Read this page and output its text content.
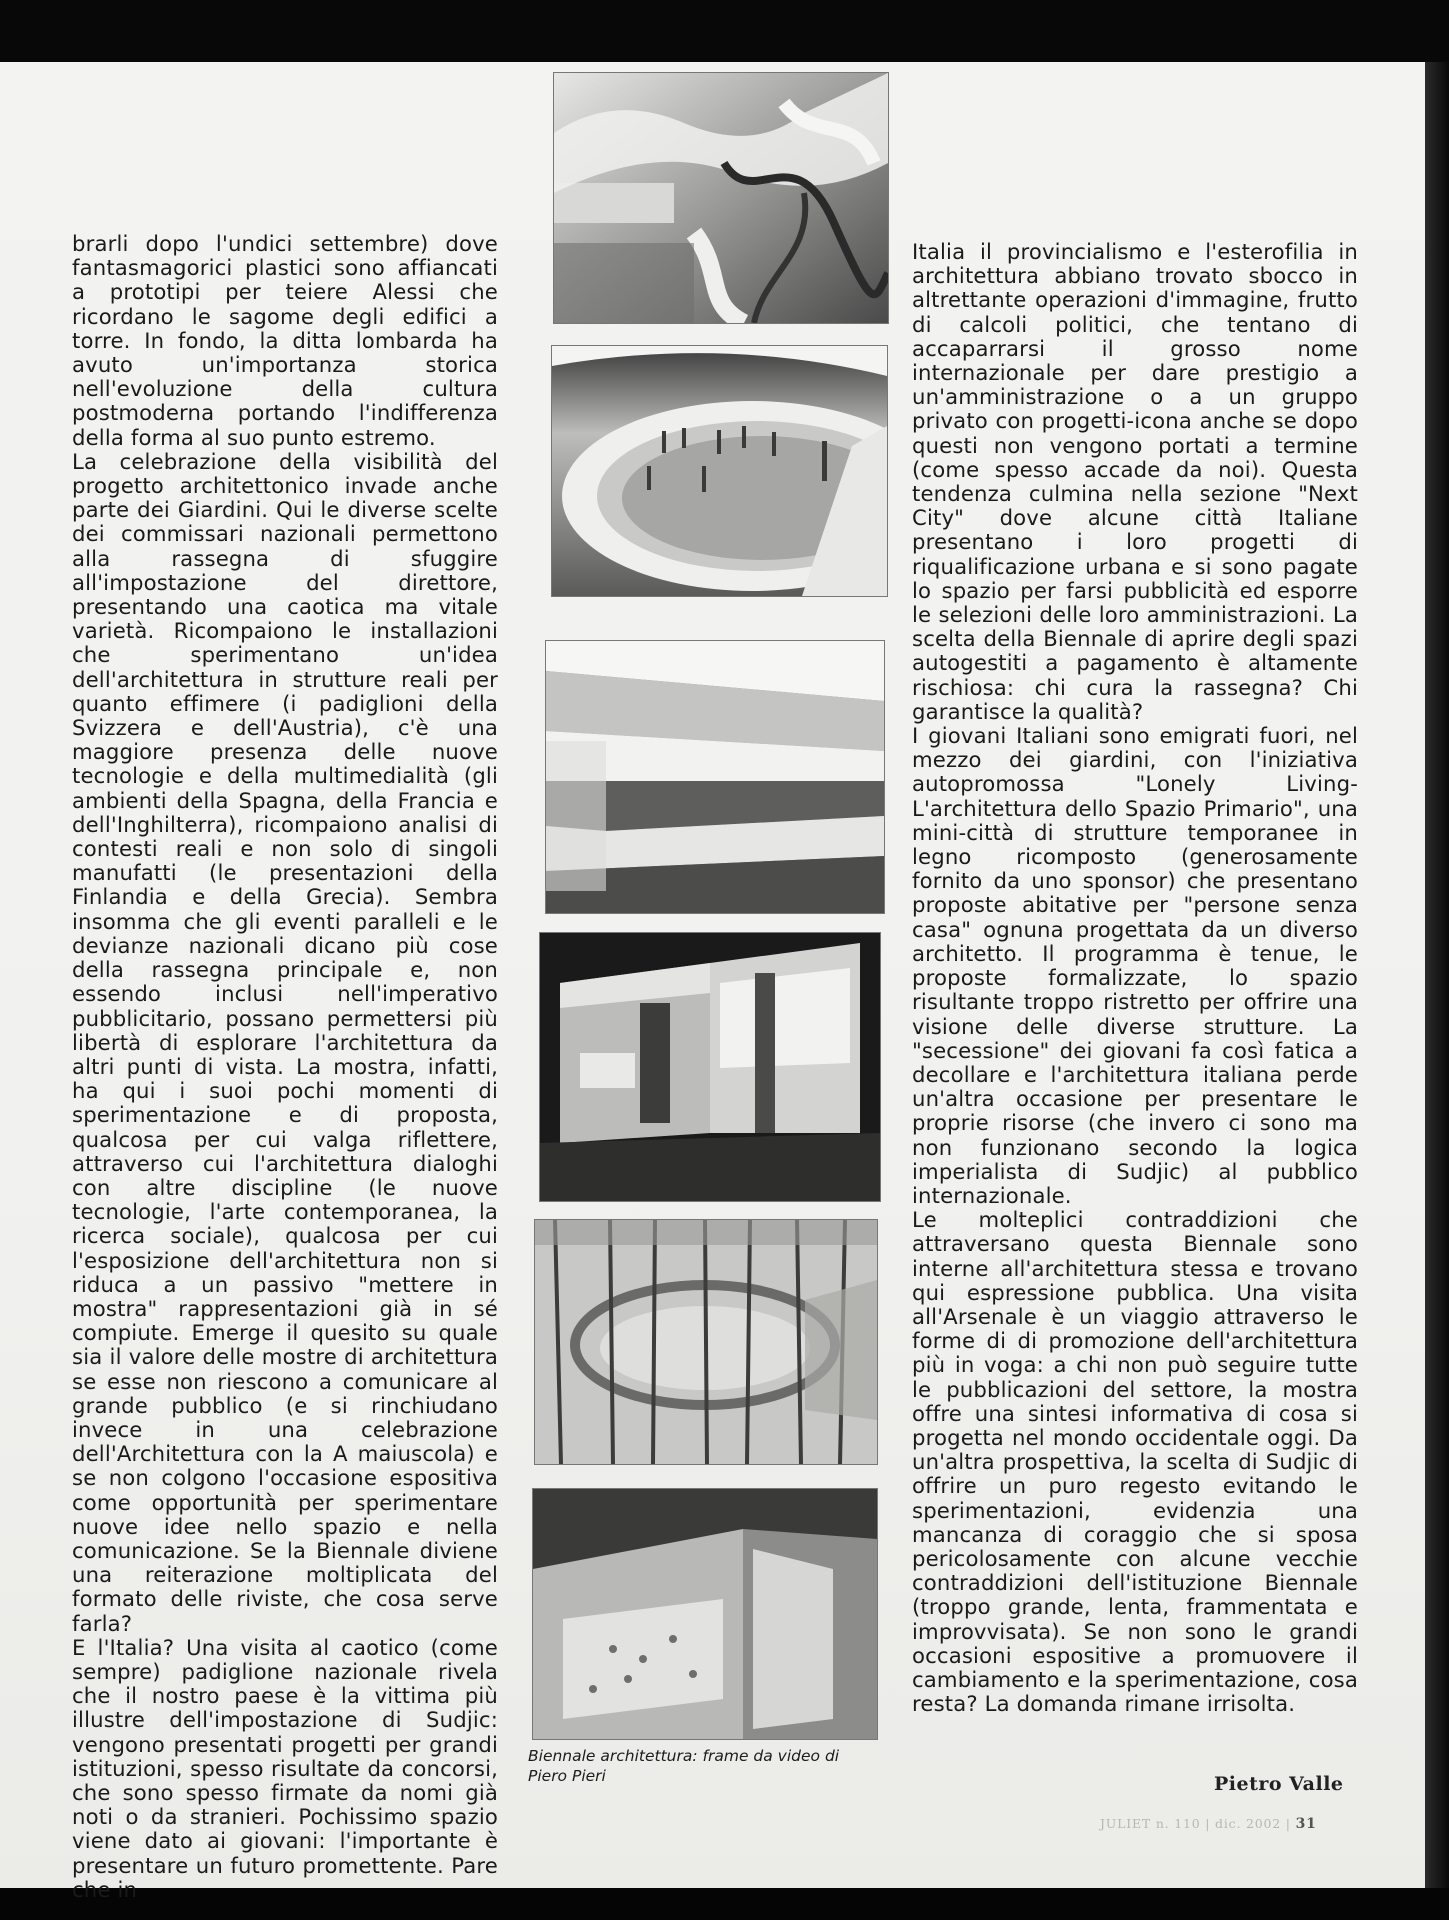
brarli dopo l'undici settembre) dove fantasmagorici plastici sono affiancati a prototipi per teiere Alessi che ricordano le sagome degli edifici a torre. In fondo, la ditta lombarda ha avuto un'importanza storica nell'evoluzione della cultura postmoderna portando l'indifferenza della forma al suo punto estremo.

La celebrazione della visibilità del progetto architettonico invade anche parte dei Giardini. Qui le diverse scelte dei commissari nazionali permettono alla rassegna di sfuggire all'impostazione del direttore, presentando una caotica ma vitale varietà. Ricompaiono le installazioni che sperimentano un'idea dell'architettura in strutture reali per quanto effimere (i padiglioni della Svizzera e dell'Austria), c'è una maggiore presenza delle nuove tecnologie e della multimedialità (gli ambienti della Spagna, della Francia e dell'Inghilterra), ricompaiono analisi di contesti reali e non solo di singoli manufatti (le presentazioni della Finlandia e della Grecia). Sembra insomma che gli eventi paralleli e le devianze nazionali dicano più cose della rassegna principale e, non essendo inclusi nell'imperativo pubblicitario, possano permettersi più libertà di esplorare l'architettura da altri punti di vista. La mostra, infatti, ha qui i suoi pochi momenti di sperimentazione e di proposta, qualcosa per cui valga riflettere, attraverso cui l'architettura dialoghi con altre discipline (le nuove tecnologie, l'arte contemporanea, la ricerca sociale), qualcosa per cui l'esposizione dell'architettura non si riduca a un passivo "mettere in mostra" rappresentazioni già in sé compiute. Emerge il quesito su quale sia il valore delle mostre di architettura se esse non riescono a comunicare al grande pubblico (e si rinchiudano invece in una celebrazione dell'Architettura con la A maiuscola) e se non colgono l'occasione espositiva come opportunità per sperimentare nuove idee nello spazio e nella comunicazione. Se la Biennale diviene una reiterazione moltiplicata del formato delle riviste, che cosa serve farla?

E l'Italia? Una visita al caotico (come sempre) padiglione nazionale rivela che il nostro paese è la vittima più illustre dell'impostazione di Sudjic: vengono presentati progetti per grandi istituzioni, spesso risultate da concorsi, che sono spesso firmate da nomi già noti o da stranieri. Pochissimo spazio viene dato ai giovani: l'importante è presentare un futuro promettente. Pare che in

Biennale architettura: frame da video di Piero Pieri

Italia il provincialismo e l'esterofilia in architettura abbiano trovato sbocco in altrettante operazioni d'immagine, frutto di calcoli politici, che tentano di accaparrarsi il grosso nome internazionale per dare prestigio a un'amministrazione o a un gruppo privato con progetti-icona anche se dopo questi non vengono portati a termine (come spesso accade da noi). Questa tendenza culmina nella sezione "Next City" dove alcune città Italiane presentano i loro progetti di riqualificazione urbana e si sono pagate lo spazio per farsi pubblicità ed esporre le selezioni delle loro amministrazioni. La scelta della Biennale di aprire degli spazi autogestiti a pagamento è altamente rischiosa: chi cura la rassegna? Chi garantisce la qualità?

I giovani Italiani sono emigrati fuori, nel mezzo dei giardini, con l'iniziativa autopromossa "Lonely Living-L'architettura dello Spazio Primario", una mini-città di strutture temporanee in legno ricomposto (generosamente fornito da uno sponsor) che presentano proposte abitative per "persone senza casa" ognuna progettata da un diverso architetto. Il programma è tenue, le proposte formalizzate, lo spazio risultante troppo ristretto per offrire una visione delle diverse strutture. La "secessione" dei giovani fa così fatica a decollare e l'architettura italiana perde un'altra occasione per presentare le proprie risorse (che invero ci sono ma non funzionano secondo la logica imperialista di Sudjic) al pubblico internazionale.

Le molteplici contraddizioni che attraversano questa Biennale sono interne all'architettura stessa e trovano qui espressione pubblica. Una visita all'Arsenale è un viaggio attraverso le forme di di promozione dell'architettura più in voga: a chi non può seguire tutte le pubblicazioni del settore, la mostra offre una sintesi informativa di cosa si progetta nel mondo occidentale oggi. Da un'altra prospettiva, la scelta di Sudjic di offrire un puro regesto evitando le sperimentazioni, evidenzia una mancanza di coraggio che si sposa pericolosamente con alcune vecchie contraddizioni dell'istituzione Biennale (troppo grande, lenta, frammentata e improvvisata). Se non sono le grandi occasioni espositive a promuovere il cambiamento e la sperimentazione, cosa resta? La domanda rimane irrisolta.

Pietro Valle
JULIET n. 110 | dic. 2002 | 31
